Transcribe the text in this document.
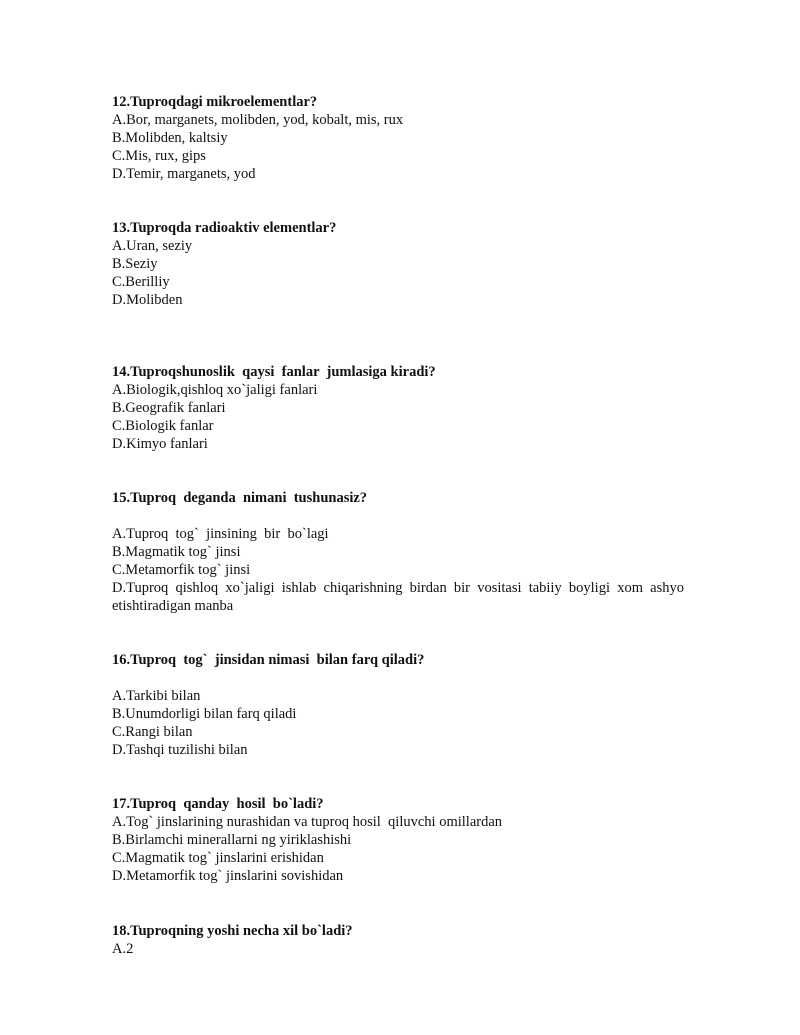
12.Tuproqdagi mikroelementlar?
A.Bor, marganets, molibden, yod, kobalt, mis, rux
B.Molibden, kaltsiy
C.Mis, rux, gips
D.Temir, marganets, yod
13.Tuproqda radioaktiv elementlar?
A.Uran, seziy
B.Seziy
C.Berilliy
D.Molibden
14.Tuproqshunoslik  qaysi  fanlar  jumlasiga kiradi?
A.Biologik,qishloq xo`jaligi fanlari
B.Geografik fanlari
C.Biologik fanlar
D.Kimyo fanlari
15.Tuproq  deganda  nimani  tushunasiz?
A.Tuproq  tog`  jinsining  bir  bo`lagi
B.Magmatik tog` jinsi
C.Metamorfik tog` jinsi
D.Tuproq qishloq xo`jaligi ishlab chiqarishning birdan bir vositasi tabiiy boyligi xom ashyo etishtiradigan manba
16.Tuproq  tog`  jinsidan nimasi  bilan farq qiladi?
A.Tarkibi bilan
B.Unumdorligi bilan farq qiladi
C.Rangi bilan
D.Tashqi tuzilishi bilan
17.Tuproq  qanday  hosil  bo`ladi?
A.Tog` jinslarining nurashidan va tuproq hosil  qiluvchi omillardan
B.Birlamchi minerallarni ng yiriklashishi
C.Magmatik tog` jinslarini erishidan
D.Metamorfik tog` jinslarini sovishidan
18.Tuproqning yoshi necha xil bo`ladi?
A.2
